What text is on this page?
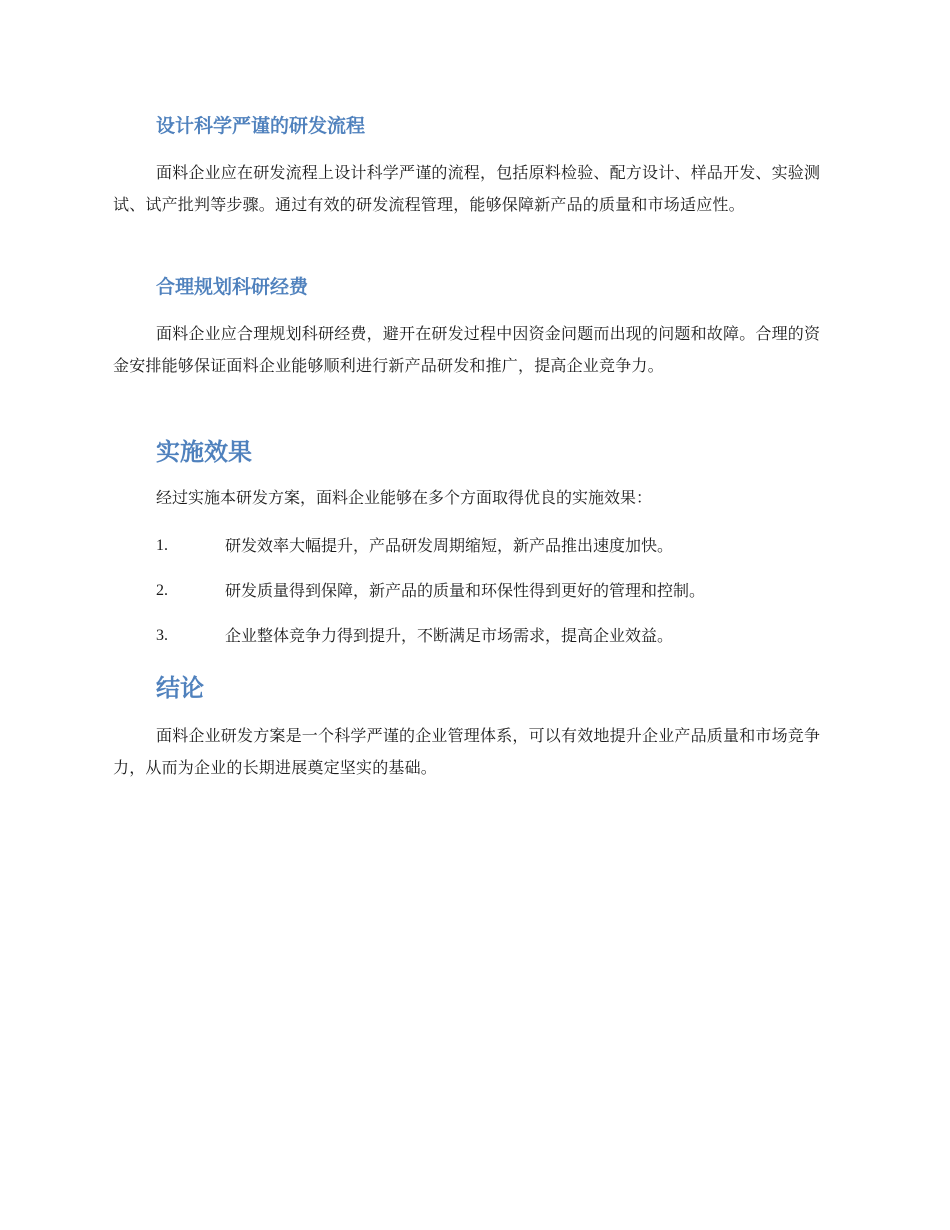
设计科学严谨的研发流程

面料企业应在研发流程上设计科学严谨的流程，包括原料检验、配方设计、样品开发、实验测试、试产批判等步骤。通过有效的研发流程管理，能够保障新产品的质量和市场适应性。

合理规划科研经费

面料企业应合理规划科研经费，避开在研发过程中因资金问题而出现的问题和故障。合理的资金安排能够保证面料企业能够顺利进行新产品研发和推广，提高企业竞争力。

实施效果

经过实施本研发方案，面料企业能够在多个方面取得优良的实施效果：

1.	研发效率大幅提升，产品研发周期缩短，新产品推出速度加快。
2.	研发质量得到保障，新产品的质量和环保性得到更好的管理和控制。
3.	企业整体竞争力得到提升，不断满足市场需求，提高企业效益。
结论

面料企业研发方案是一个科学严谨的企业管理体系，可以有效地提升企业产品质量和市场竞争力，从而为企业的长期进展奠定坚实的基础。
